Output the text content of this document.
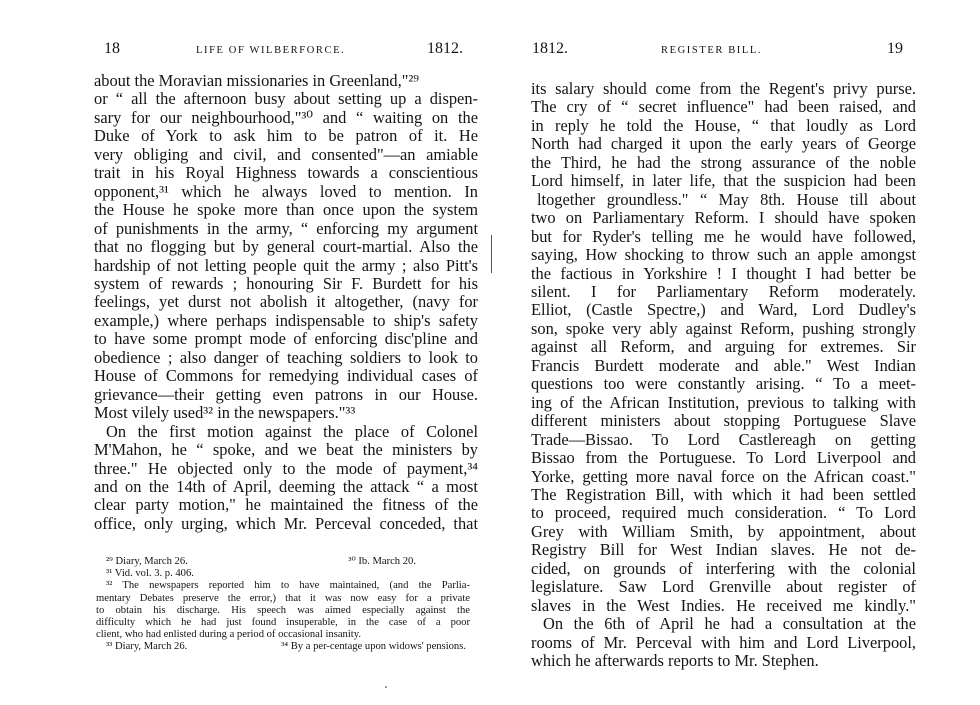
18	LIFE OF WILBERFORCE.	1812.
about the Moravian missionaries in Greenland,"²⁹
or “ all the afternoon busy about setting up a dispen-
sary for our neighbourhood,"³⁰ and “ waiting on the
Duke of York to ask him to be patron of it. He
very obliging and civil, and consented"—an amiable
trait in his Royal Highness towards a conscientious
opponent,³¹ which he always loved to mention. In
the House he spoke more than once upon the system
of punishments in the army, “ enforcing my argument
that no flogging but by general court-martial. Also the
hardship of not letting people quit the army ; also Pitt's
system of rewards ; honouring Sir F. Burdett for his
feelings, yet durst not abolish it altogether, (navy for
example,) where perhaps indispensable to ship's safety
to have some prompt mode of enforcing disc'pline and
obedience ; also danger of teaching soldiers to look to
House of Commons for remedying individual cases of
grievance—their getting even patrons in our House.
Most vilely used³² in the newspapers."³³
On the first motion against the place of Colonel
M'Mahon, he “ spoke, and we beat the ministers by
three." He objected only to the mode of payment,³⁴
and on the 14th of April, deeming the attack “ a most
clear party motion," he maintained the fitness of the
office, only urging, which Mr. Perceval conceded, that
²⁹ Diary, March 26.	³⁰ Ib. March 20.
³¹ Vid. vol. 3. p. 406.
³² The newspapers reported him to have maintained, (and the Parlia-
mentary Debates preserve the error,) that it was now easy for a private
to obtain his discharge. His speech was aimed especially against the
difficulty which he had just found insuperable, in the case of a poor
client, who had enlisted during a period of occasional insanity.
³³ Diary, March 26.	³⁴ By a per-centage upon widows' pensions.
1812.	REGISTER BILL.	19
its salary should come from the Regent's privy purse.
The cry of “ secret influence" had been raised, and
in reply he told the House, “ that loudly as Lord
North had charged it upon the early years of George
the Third, he had the strong assurance of the noble
Lord himself, in later life, that the suspicion had been
ltogether groundless." “ May 8th. House till about
two on Parliamentary Reform. I should have spoken
but for Ryder's telling me he would have followed,
saying, How shocking to throw such an apple amongst
the factious in Yorkshire ! I thought I had better be
silent. I for Parliamentary Reform moderately.
Elliot, (Castle Spectre,) and Ward, Lord Dudley's
son, spoke very ably against Reform, pushing strongly
against all Reform, and arguing for extremes. Sir
Francis Burdett moderate and able." West Indian
questions too were constantly arising. “ To a meet-
ing of the African Institution, previous to talking with
different ministers about stopping Portuguese Slave
Trade—Bissao. To Lord Castlereagh on getting
Bissao from the Portuguese. To Lord Liverpool and
Yorke, getting more naval force on the African coast."
The Registration Bill, with which it had been settled
to proceed, required much consideration. “ To Lord
Grey with William Smith, by appointment, about
Registry Bill for West Indian slaves. He not de-
cided, on grounds of interfering with the colonial
legislature. Saw Lord Grenville about register of
slaves in the West Indies. He received me kindly."
On the 6th of April he had a consultation at the
rooms of Mr. Perceval with him and Lord Liverpool,
which he afterwards reports to Mr. Stephen.
